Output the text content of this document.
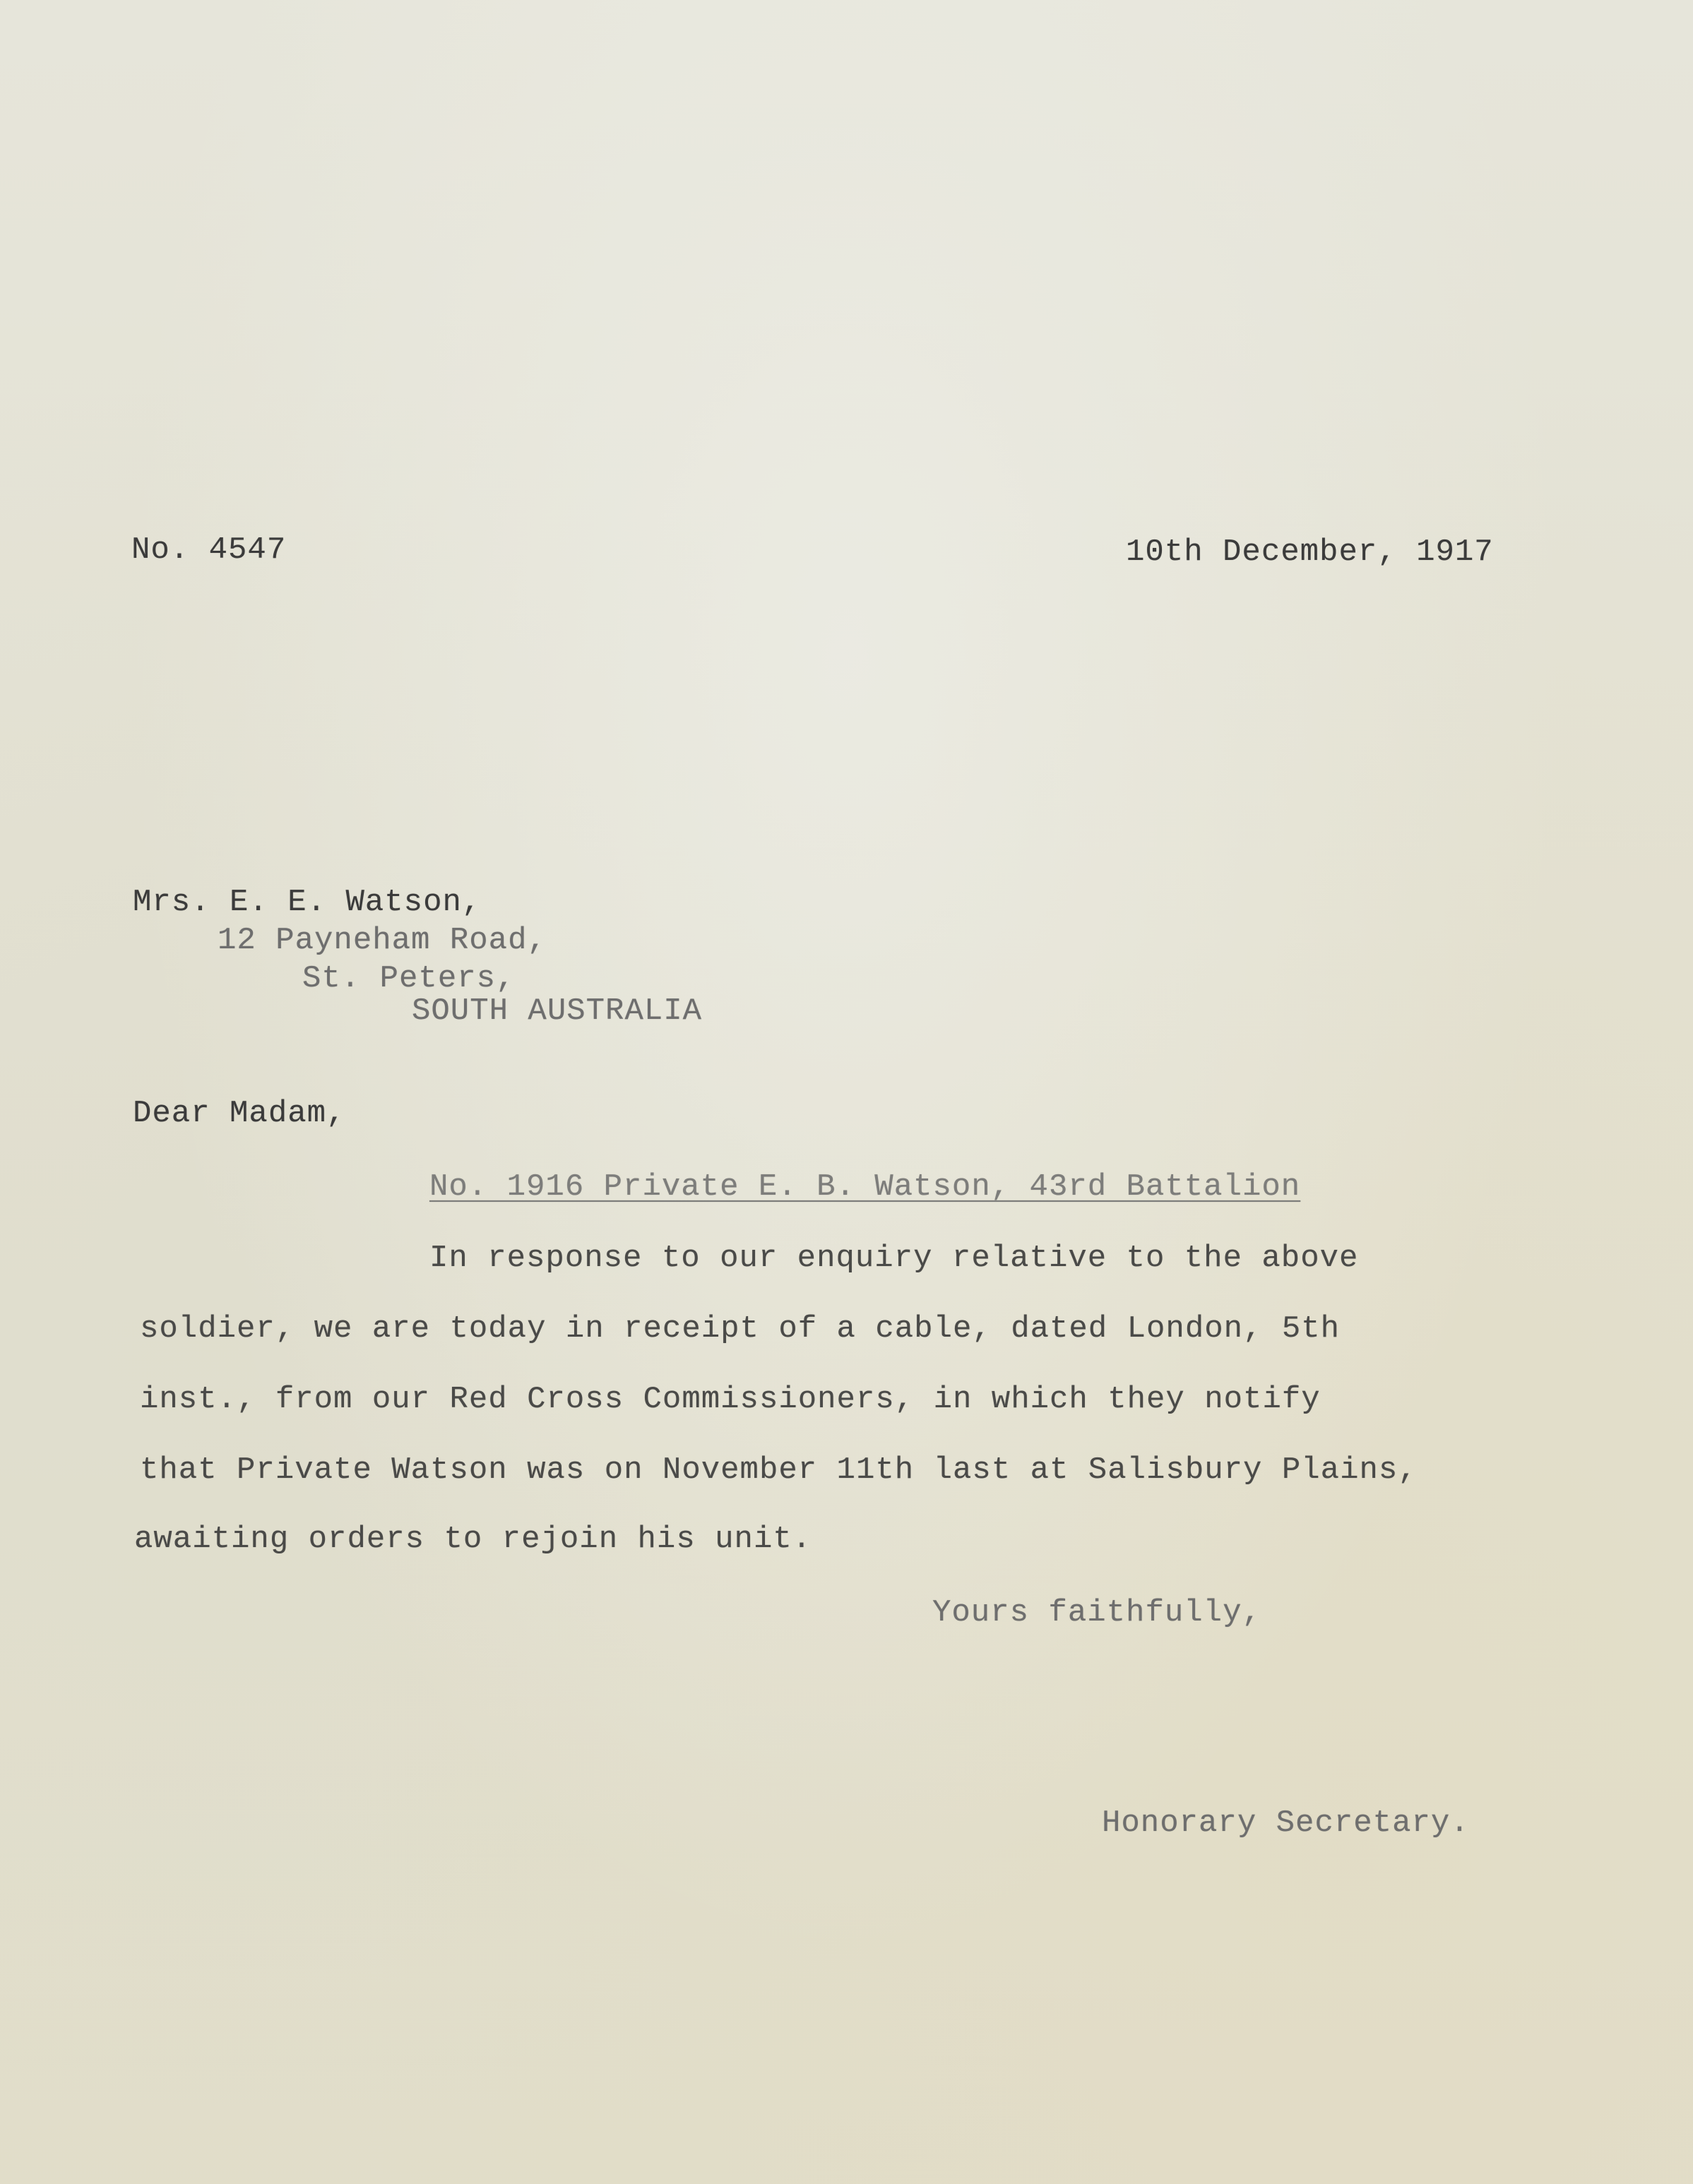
No. 4547	10th December, 1917
Mrs. E. E. Watson,
12 Payneham Road,
St. Peters,
SOUTH AUSTRALIA
Dear Madam,
No. 1916 Private E. B. Watson, 43rd Battalion
In response to our enquiry relative to the above
soldier, we are today in receipt of a cable, dated London, 5th
inst., from our Red Cross Commissioners, in which they notify
that Private Watson was on November 11th last at Salisbury Plains,
awaiting orders to rejoin his unit.
Yours faithfully,
Honorary Secretary.
